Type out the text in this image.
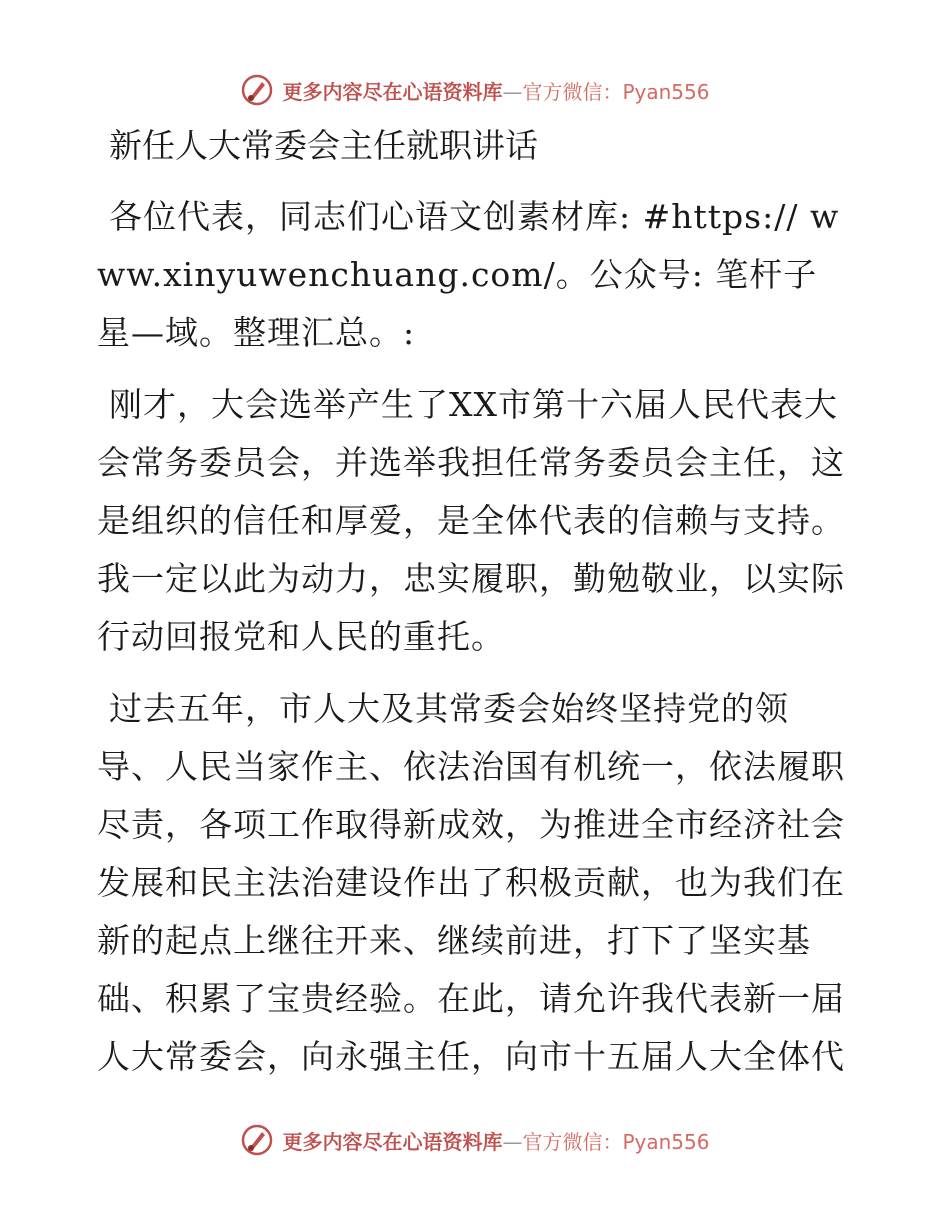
更多内容尽在心语资料库—官方微信：Pyan556
新任人大常委会主任就职讲话

各位代表，同志们心语文创素材库: #https:// www.xinyuwenchuang.com/。公众号: 笔杆子星—域。整理汇总。:

刚才，大会选举产生了XX市第十六届人民代表大会常务委员会，并选举我担任常务委员会主任，这是组织的信任和厚爱，是全体代表的信赖与支持。我一定以此为动力，忠实履职，勤勉敬业，以实际行动回报党和人民的重托。

过去五年，市人大及其常委会始终坚持党的领导、人民当家作主、依法治国有机统一，依法履职尽责，各项工作取得新成效，为推进全市经济社会发展和民主法治建设作出了积极贡献，也为我们在新的起点上继往开来、继续前进，打下了坚实基础、积累了宝贵经验。在此，请允许我代表新一届人大常委会，向永强主任，向市十五届人大全体代

更多内容尽在心语资料库—官方微信：Pyan556
